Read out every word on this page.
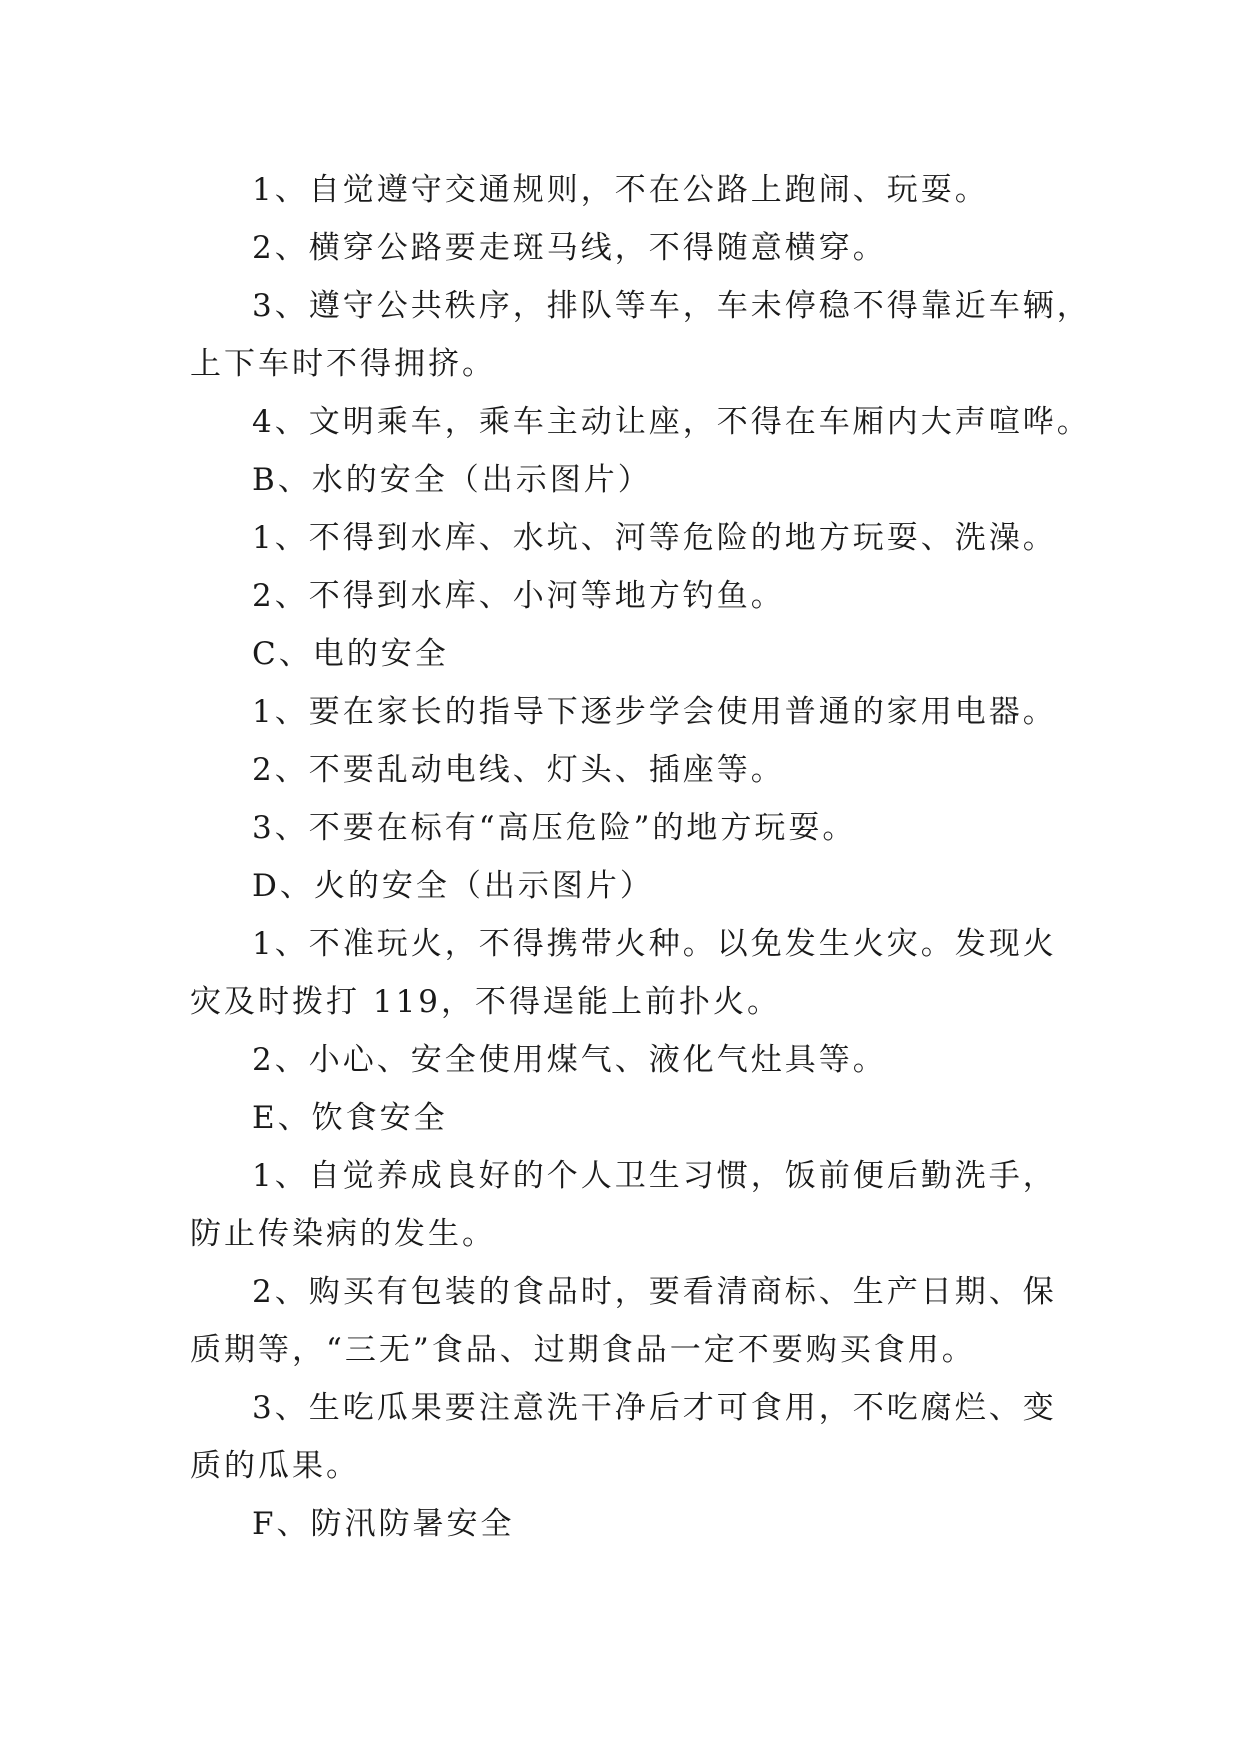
1、自觉遵守交通规则，不在公路上跑闹、玩耍。

2、横穿公路要走斑马线，不得随意横穿。

3、遵守公共秩序，排队等车，车未停稳不得靠近车辆，

上下车时不得拥挤。

4、文明乘车，乘车主动让座，不得在车厢内大声喧哗。

B、水的安全（出示图片）

1、不得到水库、水坑、河等危险的地方玩耍、洗澡。

2、不得到水库、小河等地方钓鱼。

C、电的安全

1、要在家长的指导下逐步学会使用普通的家用电器。

2、不要乱动电线、灯头、插座等。

3、不要在标有“高压危险”的地方玩耍。

D、火的安全（出示图片）

1、不准玩火，不得携带火种。以免发生火灾。发现火

灾及时拨打 119，不得逞能上前扑火。

2、小心、安全使用煤气、液化气灶具等。

E、饮食安全

1、自觉养成良好的个人卫生习惯，饭前便后勤洗手，

防止传染病的发生。

2、购买有包装的食品时，要看清商标、生产日期、保

质期等，“三无”食品、过期食品一定不要购买食用。

3、生吃瓜果要注意洗干净后才可食用，不吃腐烂、变

质的瓜果。

F、防汛防暑安全
